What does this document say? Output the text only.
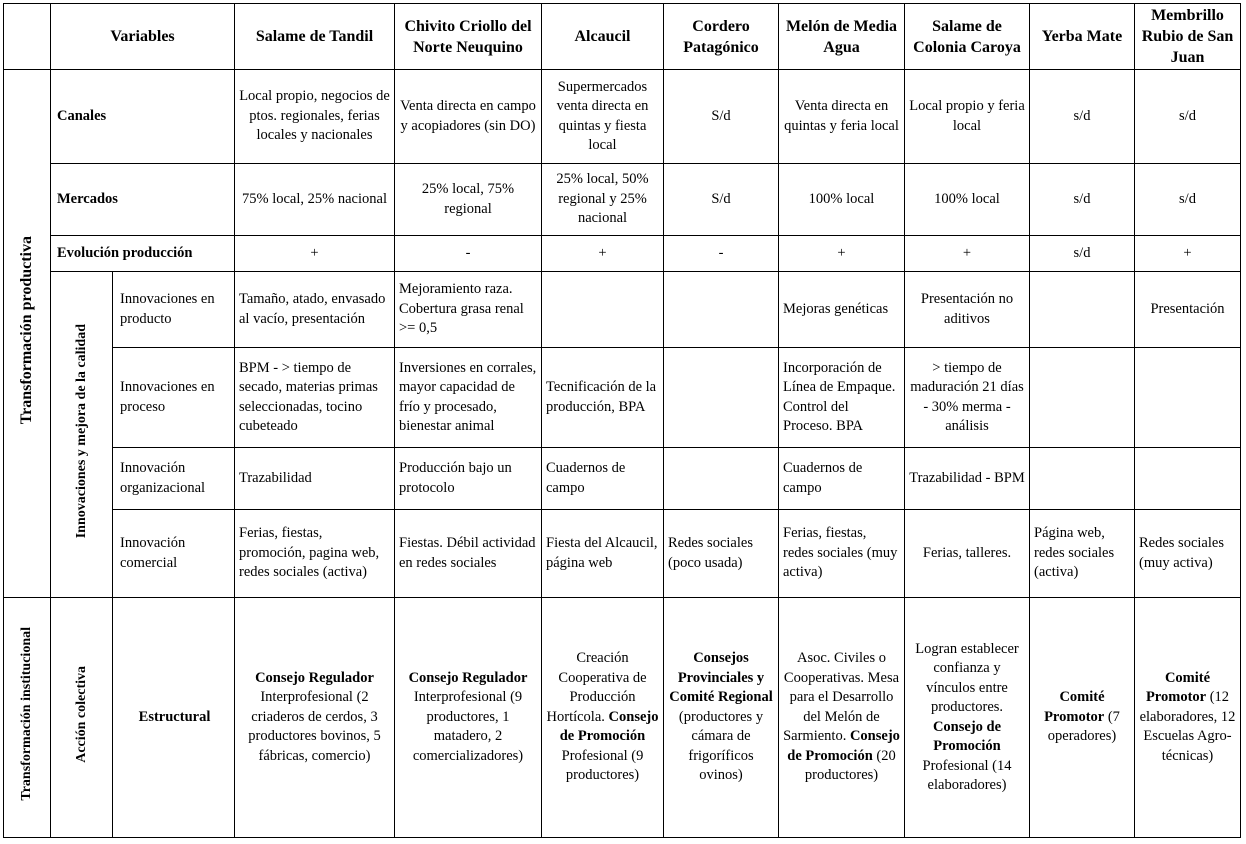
	Variables		Salame de Tandil	Chivito Criollo del Norte Neuquino	Alcaucil	Cordero Patagónico	Melón de Media Agua	Salame de Colonia Caroya	Yerba Mate	Membrillo Rubio de San Juan
Transformación productiva	Canales		Local propio, negocios de ptos. regionales, ferias locales y nacionales	Venta directa en campo y acopiadores (sin DO)	Supermercados venta directa en quintas y fiesta local	S/d	Venta directa en quintas y feria local	Local propio y feria local	s/d	s/d
	Mercados		75% local, 25% nacional	25% local, 75% regional	25% local, 50% regional y 25% nacional	S/d	100% local	100% local	s/d	s/d
	Evolución producción		+	-	+	-	+	+	s/d	+
	Innovaciones y mejora de la calidad	Innovaciones en producto	Tamaño, atado, envasado al vacío, presentación	Mejoramiento raza. Cobertura grasa renal >= 0,5			Mejoras genéticas	Presentación no aditivos		Presentación
		Innovaciones en proceso	BPM - > tiempo de secado, materias primas seleccionadas, tocino cubeteado	Inversiones en corrales, mayor capacidad de frío y procesado, bienestar animal	Tecnificación de la producción, BPA		Incorporación de Línea de Empaque. Control del Proceso. BPA	> tiempo de maduración 21 días - 30% merma - análisis		
		Innovación organizacional	Trazabilidad	Producción bajo un protocolo	Cuadernos de campo		Cuadernos de campo	Trazabilidad - BPM		
		Innovación comercial	Ferias, fiestas, promoción, pagina web, redes sociales (activa)	Fiestas. Débil actividad en redes sociales	Fiesta del Alcaucil, página web	Redes sociales (poco usada)	Ferias, fiestas, redes sociales (muy activa)	Ferias, talleres.	Página web, redes sociales (activa)	Redes sociales (muy activa)
Transformación institucional	Acción colectiva	Estructural	Consejo Regulador Interprofesional (2 criaderos de cerdos, 3 productores bovinos, 5 fábricas, comercio)	Consejo Regulador Interprofesional (9 productores, 1 matadero, 2 comercializadores)	Creación Cooperativa de Producción Hortícola. Consejo de Promoción Profesional (9 productores)	Consejos Provinciales y Comité Regional (productores y cámara de frigoríficos ovinos)	Asoc. Civiles o Cooperativas. Mesa para el Desarrollo del Melón de Sarmiento. Consejo de Promoción (20 productores)	Logran establecer confianza y vínculos entre productores. Consejo de Promoción Profesional (14 elaboradores)	Comité Promotor (7 operadores)	Comité Promotor (12 elaboradores, 12 Escuelas Agro-técnicas)
